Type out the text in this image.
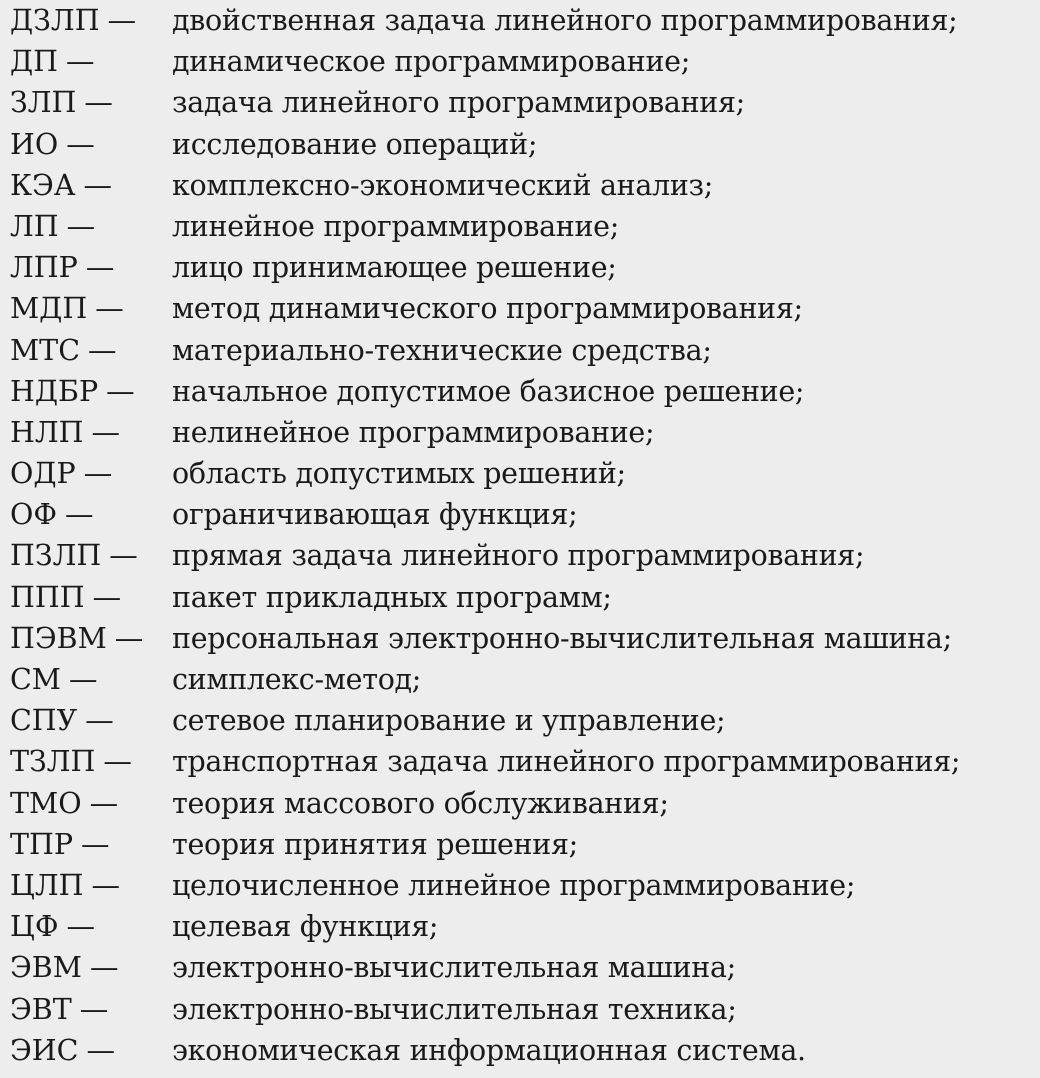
ДЗЛП —	двойственная задача линейного программирования;
ДП —	динамическое программирование;
ЗЛП —	задача линейного программирования;
ИО —	исследование операций;
КЭА —	комплексно-экономический анализ;
ЛП —	линейное программирование;
ЛПР —	лицо принимающее решение;
МДП —	метод динамического программирования;
МТС —	материально-технические средства;
НДБР —	начальное допустимое базисное решение;
НЛП —	нелинейное программирование;
ОДР —	область допустимых решений;
ОФ —	ограничивающая функция;
ПЗЛП —	прямая задача линейного программирования;
ППП —	пакет прикладных программ;
ПЭВМ —	персональная электронно-вычислительная машина;
СМ —	симплекс-метод;
СПУ —	сетевое планирование и управление;
ТЗЛП —	транспортная задача линейного программирования;
ТМО —	теория массового обслуживания;
ТПР —	теория принятия решения;
ЦЛП —	целочисленное линейное программирование;
ЦФ —	целевая функция;
ЭВМ —	электронно-вычислительная машина;
ЭВТ —	электронно-вычислительная техника;
ЭИС —	экономическая информационная система.
